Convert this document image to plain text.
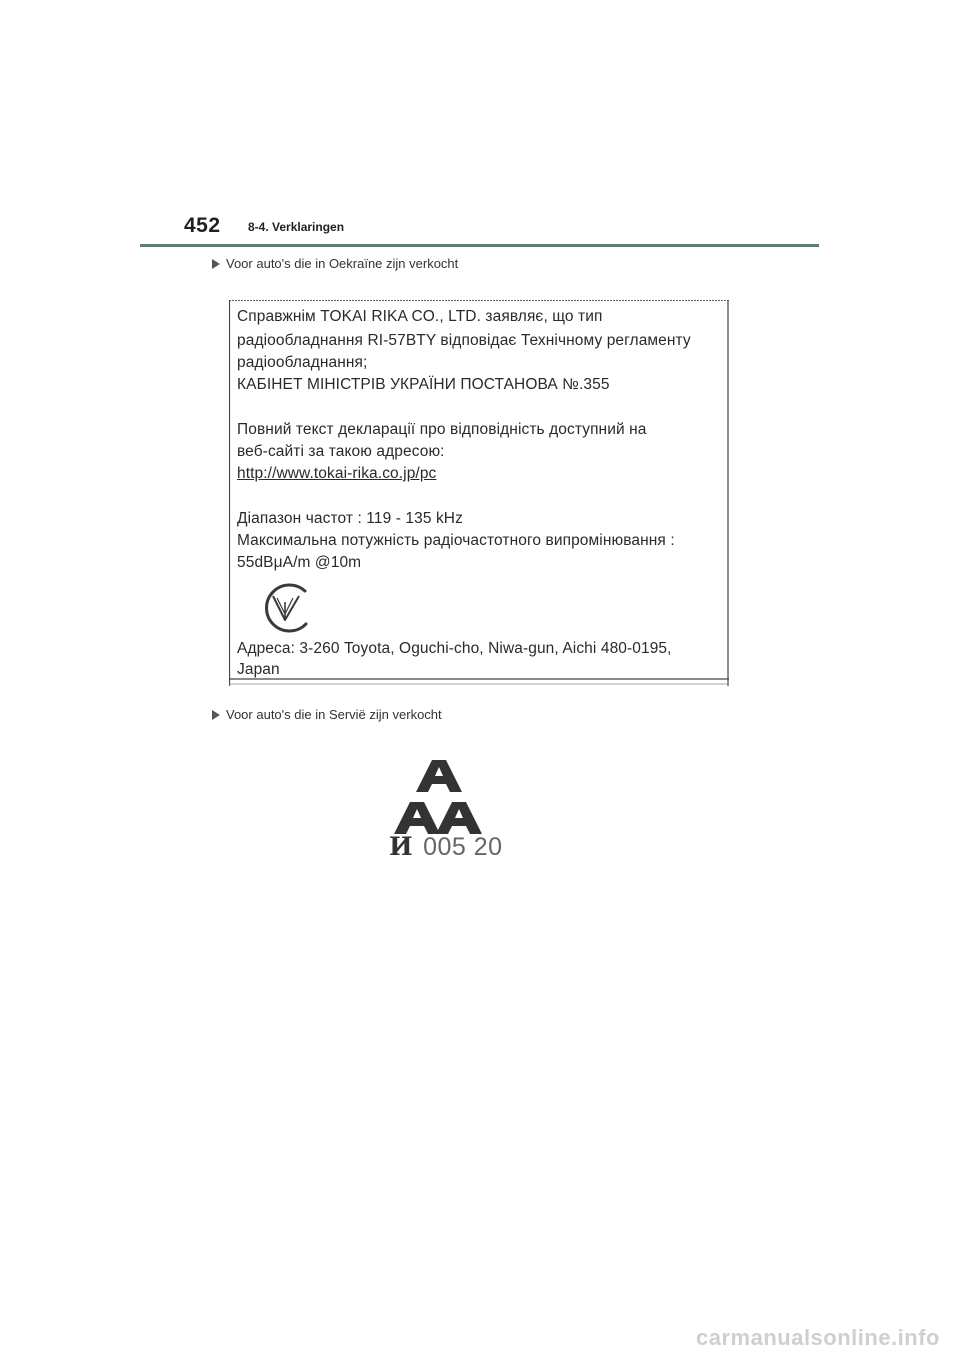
452 8-4. Verklaringen
Voor auto's die in Oekraïne zijn verkocht
Справжнім TOKAI RIKA CO., LTD. заявляє, що тип
радіообладнання RI-57BTY відповідає Технічному регламенту
радіообладнання;
КАБІНЕТ МІНІСТРІВ УКРАЇНИ ПОСТАНОВА №.355
Повний текст декларації про відповідність доступний на
веб-сайті за такою адресою:
http://www.tokai-rika.co.jp/pc
Діапазон частот : 119 - 135 kHz
Максимальна потужність радіочастотного випромінювання :
55dBμA/m @10m
Адреса: 3-260 Toyota, Oguchi-cho, Niwa-gun, Aichi 480-0195,
Japan
Voor auto's die in Servië zijn verkocht
И 005 20
carmanualsonline.info
